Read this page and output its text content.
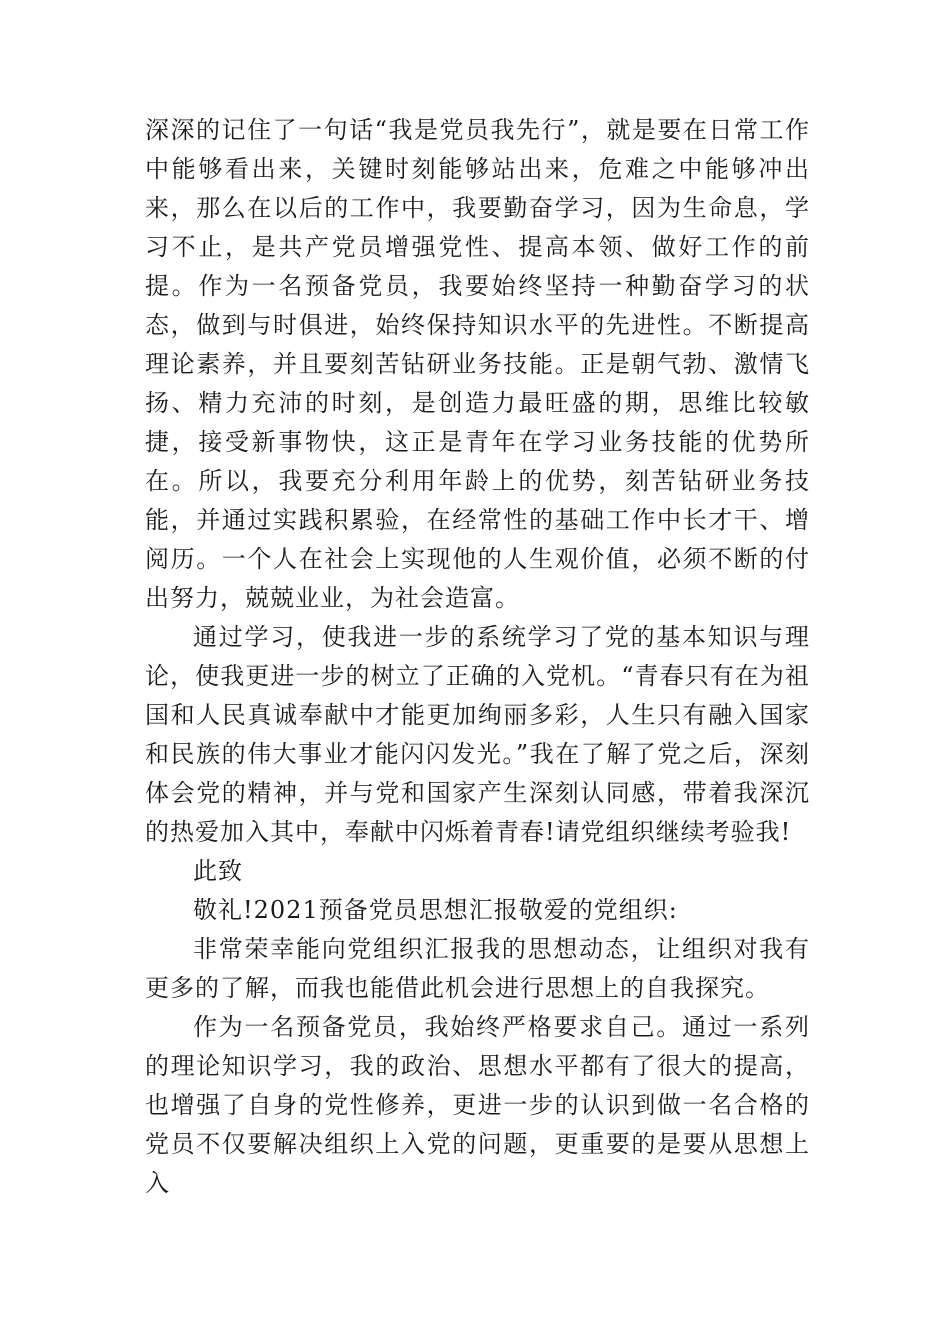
深深的记住了一句话“我是党员我先行”，就是要在日常工作中能够看出来，关键时刻能够站出来，危难之中能够冲出来，那么在以后的工作中，我要勤奋学习，因为生命息，学习不止，是共产党员增强党性、提高本领、做好工作的前提。作为一名预备党员，我要始终坚持一种勤奋学习的状态，做到与时俱进，始终保持知识水平的先进性。不断提高理论素养，并且要刻苦钻研业务技能。正是朝气勃、激情飞扬、精力充沛的时刻，是创造力最旺盛的期，思维比较敏捷，接受新事物快，这正是青年在学习业务技能的优势所在。所以，我要充分利用年龄上的优势，刻苦钻研业务技能，并通过实践积累验，在经常性的基础工作中长才干、增阅历。一个人在社会上实现他的人生观价值，必须不断的付出努力，兢兢业业，为社会造富。

通过学习，使我进一步的系统学习了党的基本知识与理论，使我更进一步的树立了正确的入党机。“青春只有在为祖国和人民真诚奉献中才能更加绚丽多彩，人生只有融入国家和民族的伟大事业才能闪闪发光。”我在了解了党之后，深刻体会党的精神，并与党和国家产生深刻认同感，带着我深沉的热爱加入其中，奉献中闪烁着青春!请党组织继续考验我!

此致

敬礼!2021预备党员思想汇报敬爱的党组织:

非常荣幸能向党组织汇报我的思想动态，让组织对我有更多的了解，而我也能借此机会进行思想上的自我探究。

作为一名预备党员，我始终严格要求自己。通过一系列的理论知识学习，我的政治、思想水平都有了很大的提高，也增强了自身的党性修养，更进一步的认识到做一名合格的党员不仅要解决组织上入党的问题，更重要的是要从思想上入
